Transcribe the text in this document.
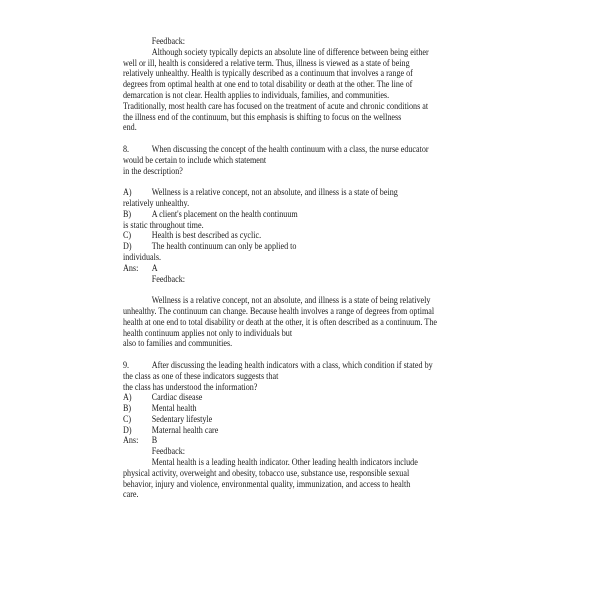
Feedback:
Although society typically depicts an absolute line of difference between being either
well or ill, health is considered a relative term. Thus, illness is viewed as a state of being
relatively unhealthy. Health is typically described as a continuum that involves a range of
degrees from optimal health at one end to total disability or death at the other. The line of
demarcation is not clear. Health applies to individuals, families, and communities.
Traditionally, most health care has focused on the treatment of acute and chronic conditions at
the illness end of the continuum, but this emphasis is shifting to focus on the wellness
end.
8.	When discussing the concept of the health continuum with a class, the nurse educator
would be certain to include which statement
in the description?
A)	Wellness is a relative concept, not an absolute, and illness is a state of being
relatively unhealthy.
B)	A client's placement on the health continuum
is static throughout time.
C)	Health is best described as cyclic.
D)	The health continuum can only be applied to
individuals.
Ans:	A
Feedback:
Wellness is a relative concept, not an absolute, and illness is a state of being relatively
unhealthy. The continuum can change. Because health involves a range of degrees from optimal
health at one end to total disability or death at the other, it is often described as a continuum. The
health continuum applies not only to individuals but
also to families and communities.
9.	After discussing the leading health indicators with a class, which condition if stated by
the class as one of these indicators suggests that
the class has understood the information?
A)	Cardiac disease
B)	Mental health
C)	Sedentary lifestyle
D)	Maternal health care
Ans:	B
Feedback:
Mental health is a leading health indicator. Other leading health indicators include
physical activity, overweight and obesity, tobacco use, substance use, responsible sexual
behavior, injury and violence, environmental quality, immunization, and access to health
care.
